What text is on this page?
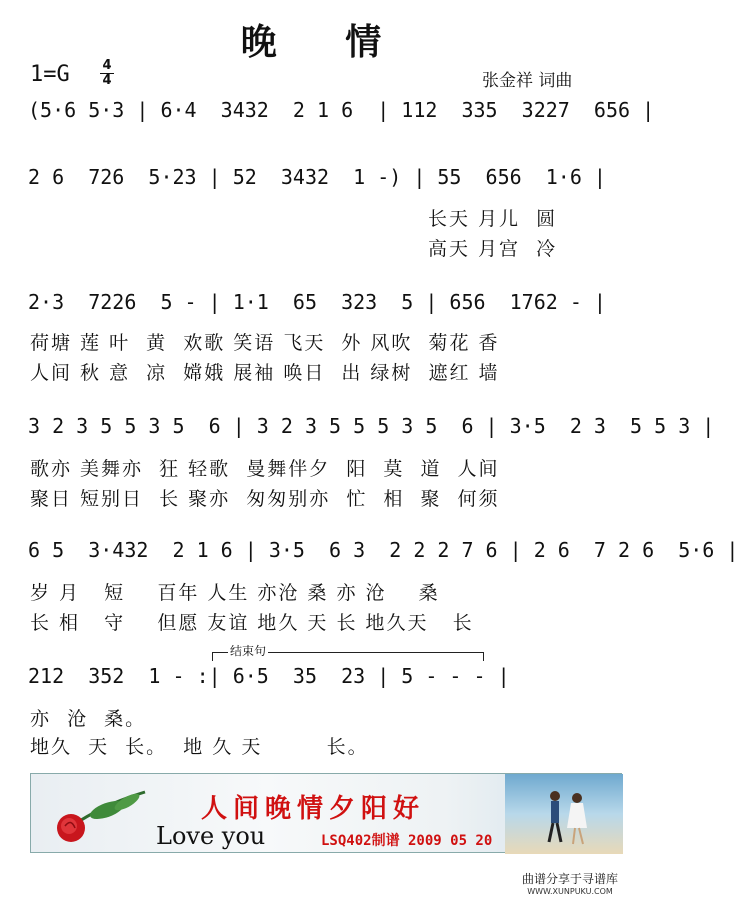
晚 情
1=G	4
4	张金祥 词曲
(5·6 5·3 | 6·4  3432  2 1 6  | 112  335  3227  656 |
2 6  726  5·23 | 52  3432  1 -) | 55  656  1·6 |
长天 月儿  圆
高天 月宫  冷
2·3  7226  5 - | 1·1  65  323  5 | 656  1762 - |
荷塘 莲 叶  黄  欢歌 笑语 飞天  外 风吹  菊花 香
人间 秋 意  凉  嫦娥 展袖 唤日  出 绿树  遮红 墙
3 2 3 5 5 3 5  6 | 3 2 3 5 5 5 3 5  6 | 3·5  2 3  5 5 3 |
歌亦 美舞亦  狂 轻歌  曼舞伴夕  阳  莫  道  人间
聚日 短别日  长 聚亦  匆匆别亦  忙  相  聚  何须
6 5  3·432  2 1 6 | 3·5  6 3  2 2 2 7 6 | 2 6  7 2 6  5·6 |
岁 月   短    百年 人生 亦沧 桑 亦 沧    桑
长 相   守    但愿 友谊 地久 天 长 地久天   长
结束句
212  352  1 - :| 6·5  35  23 | 5 - - - |
亦  沧  桑。
地久  天  长。  地 久 天        长。
人间晚情夕阳好
Love you	LSQ402制谱 2009 05 20
曲谱分享于寻谱库
WWW.XUNPUKU.COM
